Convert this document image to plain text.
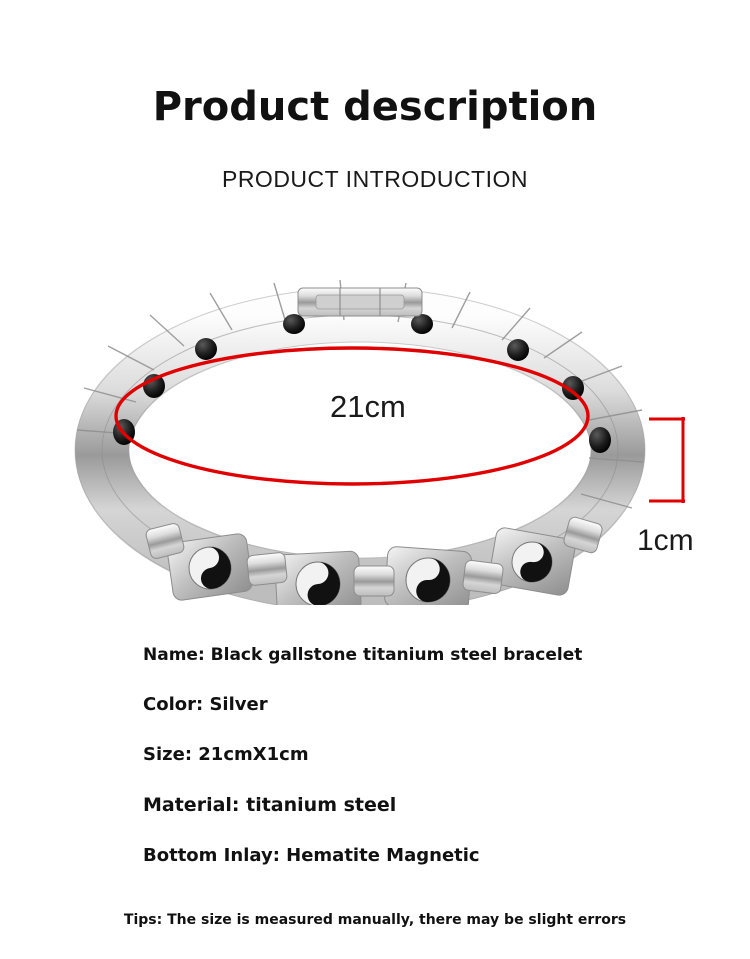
Product description
PRODUCT INTRODUCTION
21cm
1cm
Name: Black gallstone titanium steel bracelet
Color: Silver
Size: 21cmX1cm
Material: titanium steel
Bottom Inlay: Hematite Magnetic
Tips: The size is measured manually, there may be slight errors
